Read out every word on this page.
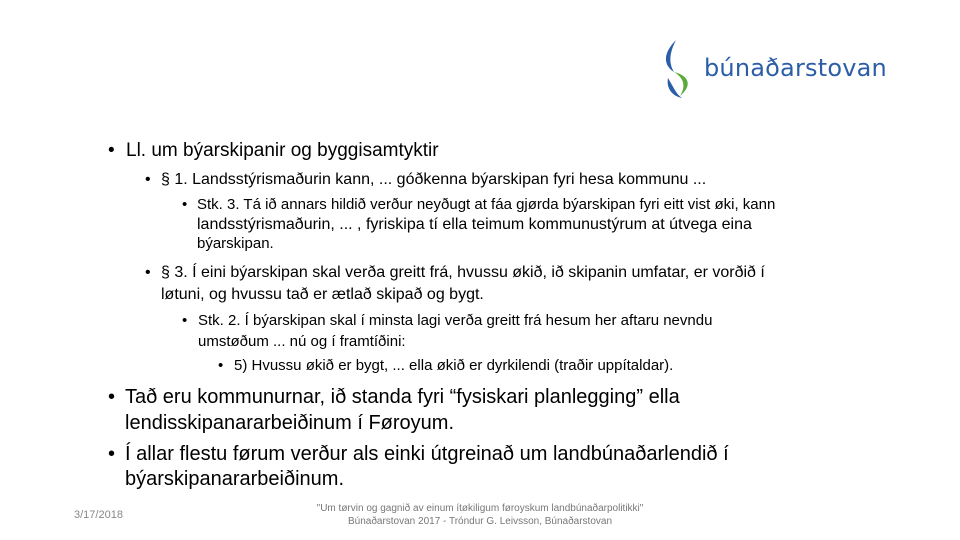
búnaðarstovan
• Ll. um býarskipanir og byggisamtyktir
• § 1. Landsstýrismaðurin kann, ... góðkenna býarskipan fyri hesa kommunu ...
• Stk. 3. Tá ið annars hildið verður neyðugt at fáa gjørda býarskipan fyri eitt vist øki, kann
landsstýrismaðurin, ... , fyriskipa tí ella teimum kommunustýrum at útvega eina
býarskipan.
• § 3. Í eini býarskipan skal verða greitt frá, hvussu økið, ið skipanin umfatar, er vorðið í
løtuni, og hvussu tað er ætlað skipað og bygt.
• Stk. 2. Í býarskipan skal í minsta lagi verða greitt frá hesum her aftaru nevndu
umstøðum ... nú og í framtíðini:
• 5) Hvussu økið er bygt, ... ella økið er dyrkilendi (traðir uppítaldar).
• Tað eru kommunurnar, ið standa fyri “fysiskari planlegging” ella
lendisskipanararbeiðinum í Føroyum.
• Í allar flestu førum verður als einki útgreinað um landbúnaðarlendið í
býarskipanararbeiðinum.
3/17/2018
"Um tørvin og gagnið av einum ítøkiligum føroyskum landbúnaðarpolitikki"
Búnaðarstovan 2017 - Tróndur G. Leivsson, Búnaðarstovan
